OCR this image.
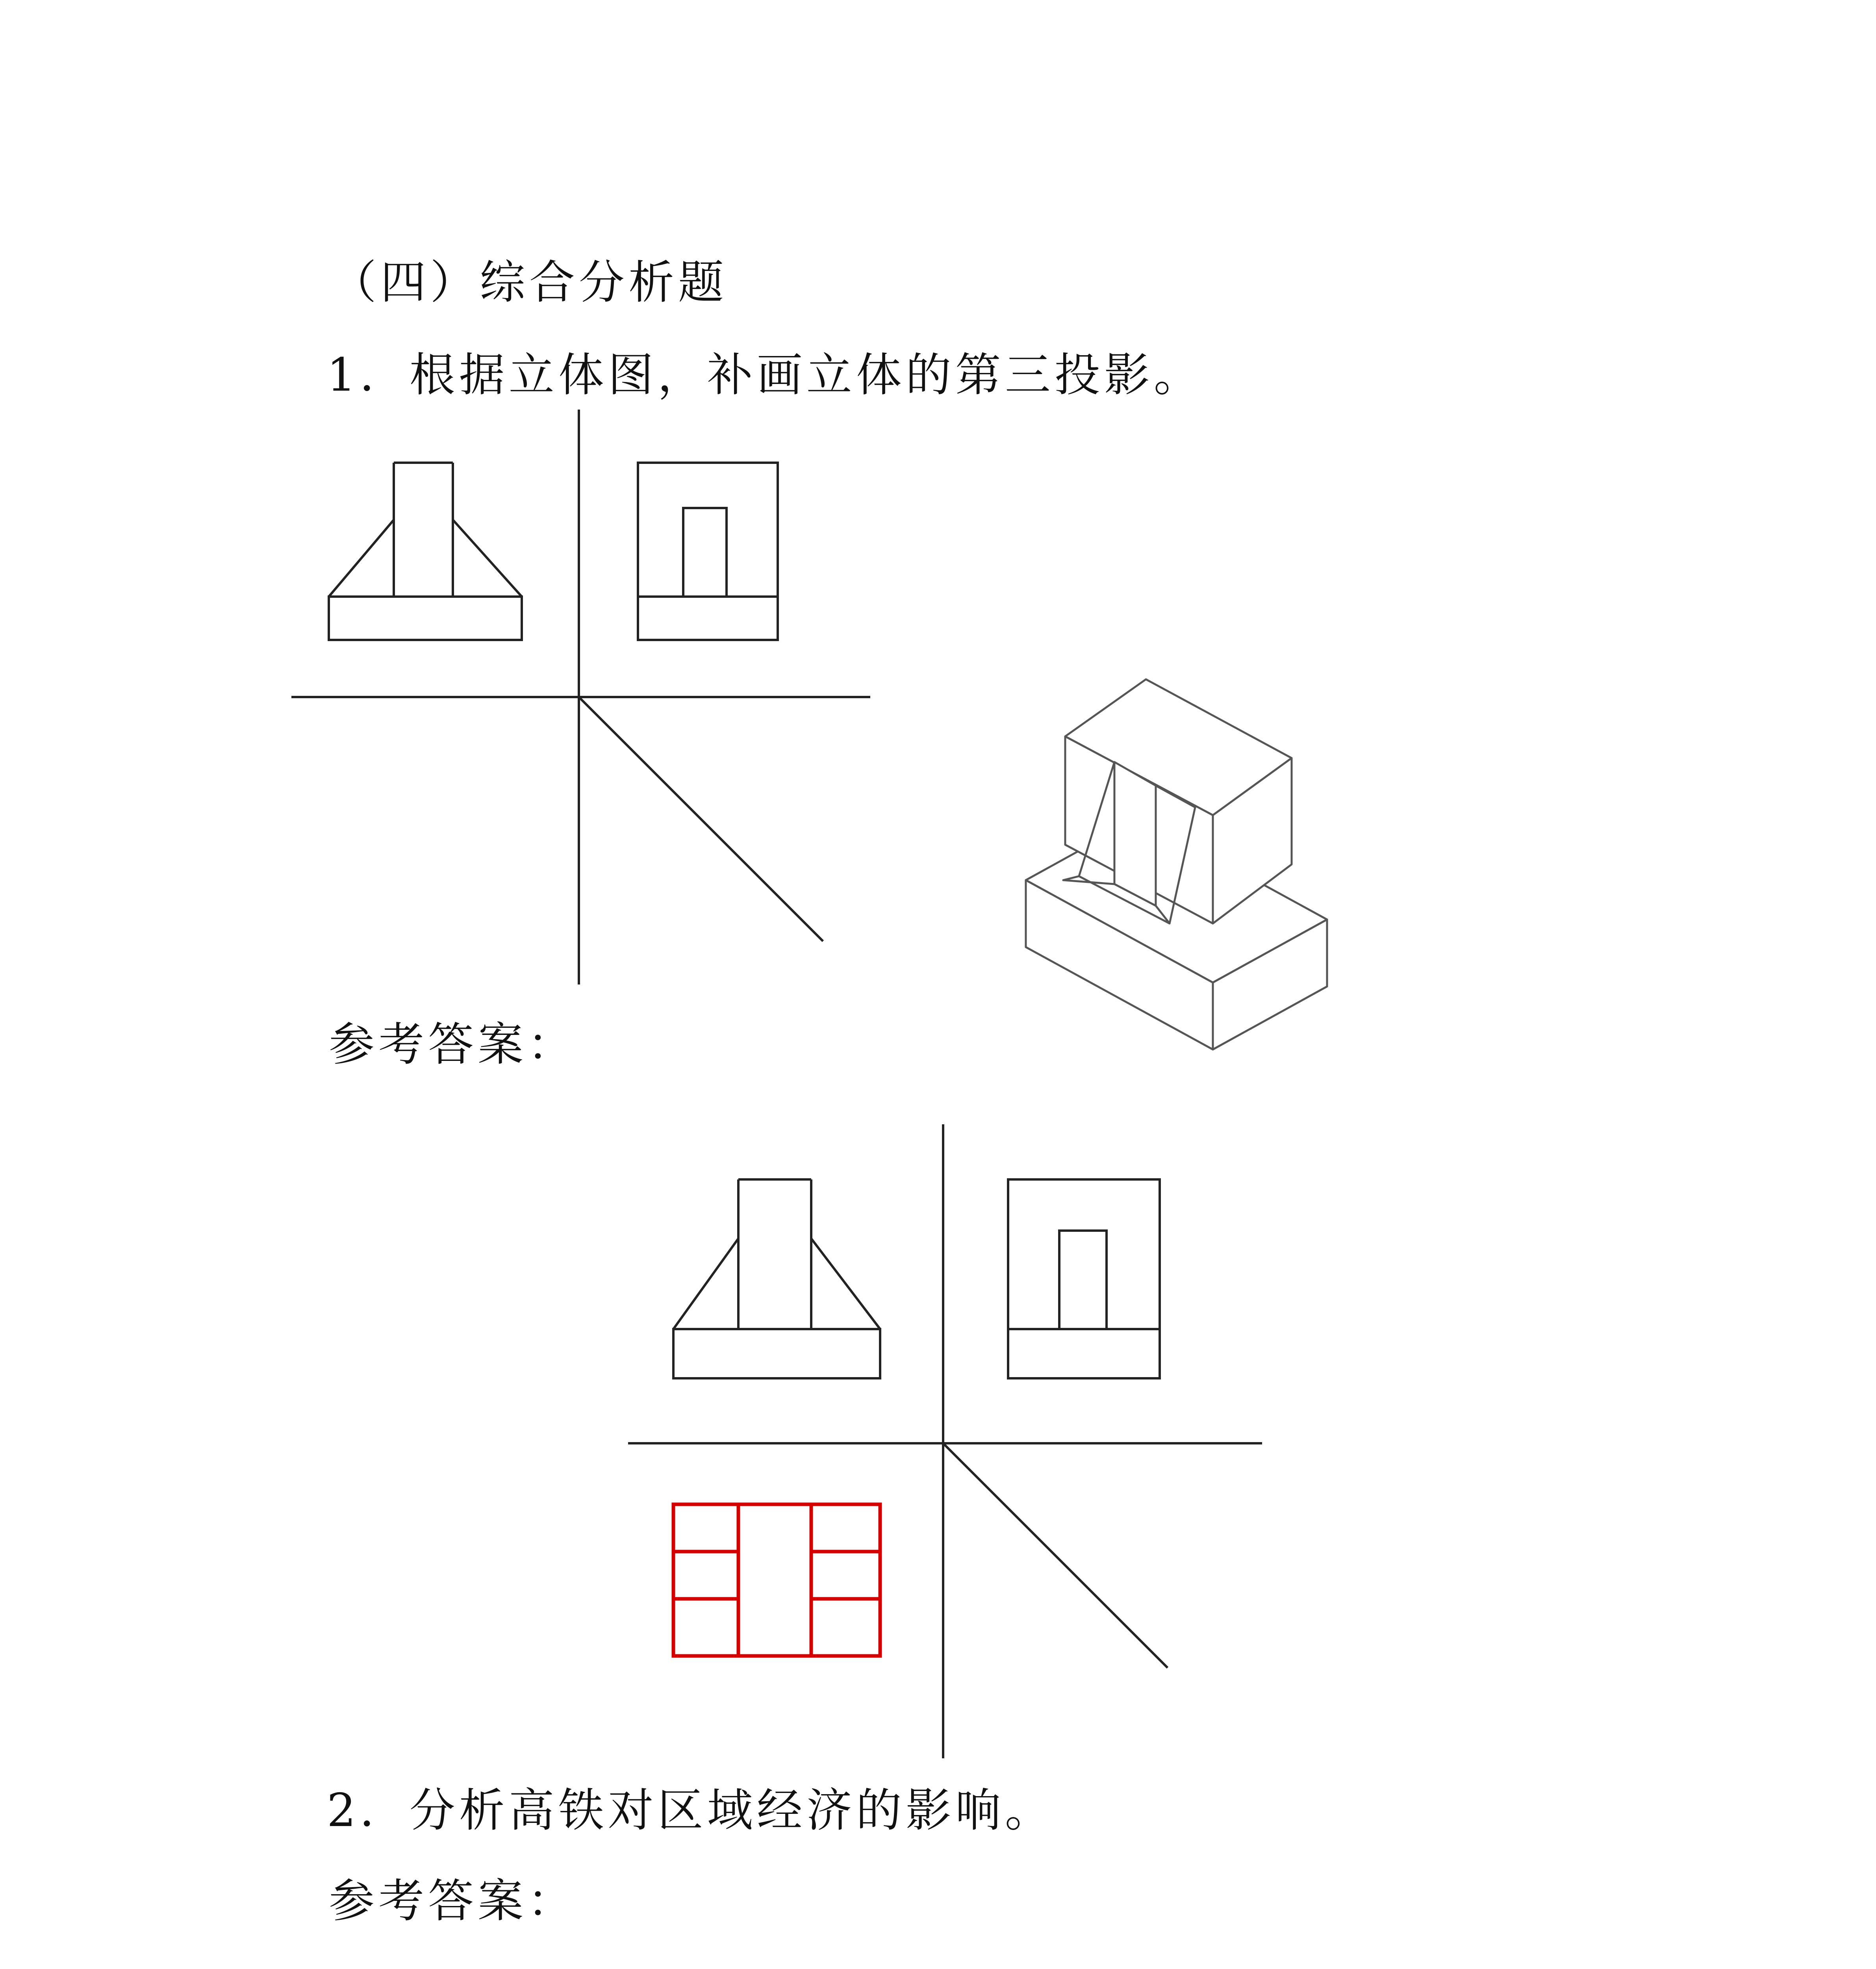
（四）综合分析题
1．根据立体图，补画立体的第三投影。
参考答案：
2．分析高铁对区域经济的影响。
参考答案：
